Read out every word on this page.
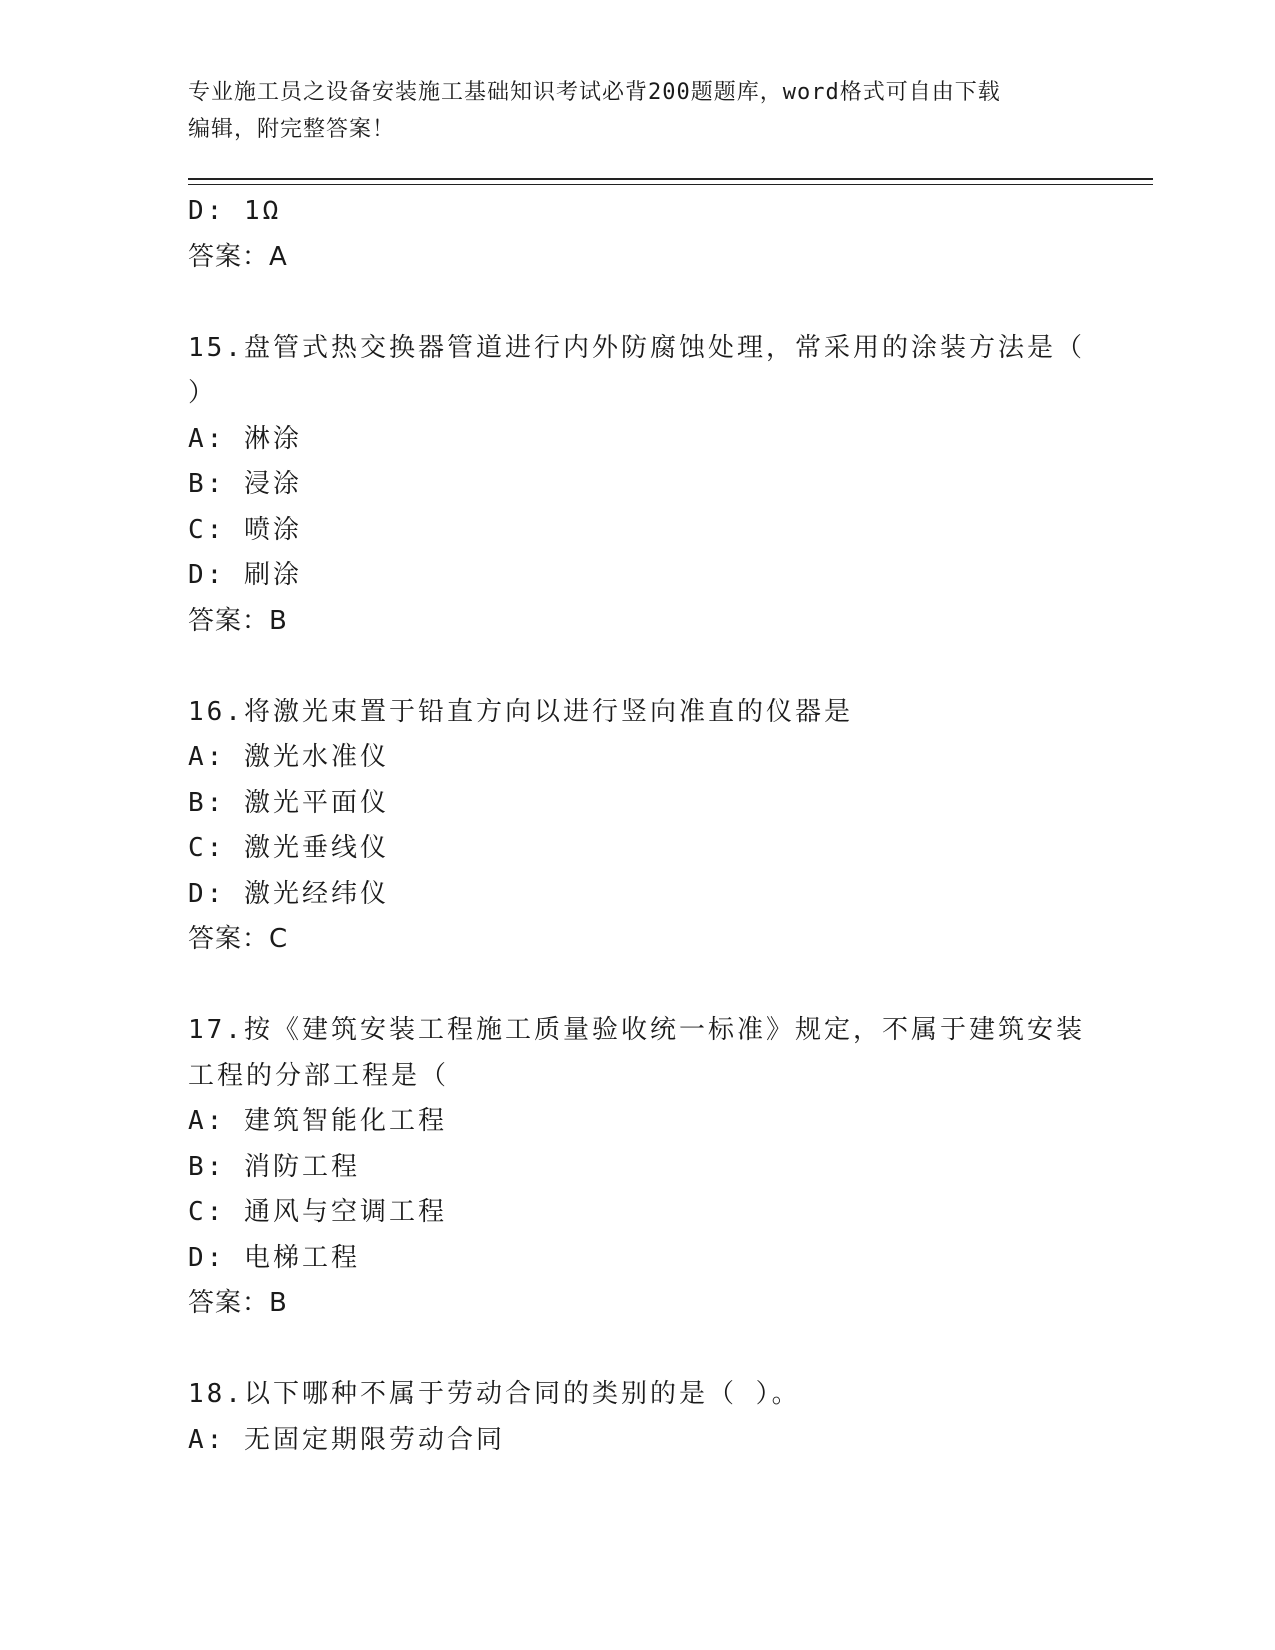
专业施工员之设备安装施工基础知识考试必背200题题库，word格式可自由下载
编辑，附完整答案！
D: 1Ω
答案：A
15.盘管式热交换器管道进行内外防腐蚀处理，常采用的涂装方法是（
）
A: 淋涂
B: 浸涂
C: 喷涂
D: 刷涂
答案：B
16.将激光束置于铅直方向以进行竖向准直的仪器是
A: 激光水准仪
B: 激光平面仪
C: 激光垂线仪
D: 激光经纬仪
答案：C
17.按《建筑安装工程施工质量验收统一标准》规定，不属于建筑安装
工程的分部工程是（
A: 建筑智能化工程
B: 消防工程
C: 通风与空调工程
D: 电梯工程
答案：B
18.以下哪种不属于劳动合同的类别的是（ ）。
A: 无固定期限劳动合同
